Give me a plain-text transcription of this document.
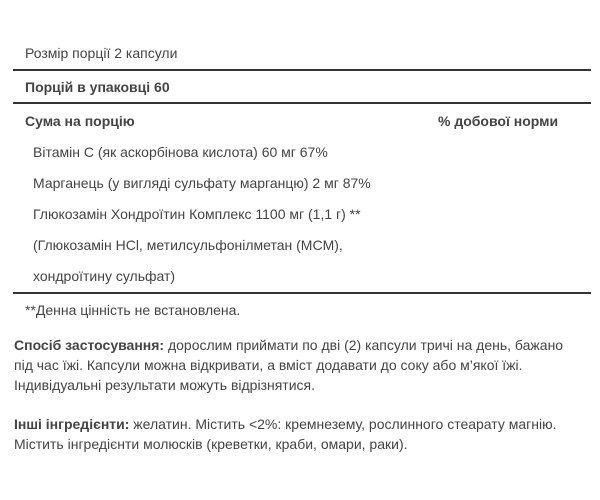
Розмір порції 2 капсули
Порцій в упаковці 60
Сума на порцію	% добової норми
Вітамін C (як аскорбінова кислота) 60 мг 67%
Марганець (у вигляді сульфату марганцю) 2 мг 87%
Глюкозамін Хондроїтин Комплекс 1100 мг (1,1 г) **
(Глюкозамін HCl, метилсульфонілметан (MCM),
хондроїтину сульфат)
**Денна цінність не встановлена.
Спосіб застосування: дорослим приймати по дві (2) капсули тричі на день, бажано під час їжі. Капсули можна відкривати, а вміст додавати до соку або м’якої їжі. Індивідуальні результати можуть відрізнятися.
Інші інгредієнти: желатин. Містить <2%: кремнезему, рослинного стеарату магнію. Містить інгредієнти молюсків (креветки, краби, омари, раки).
